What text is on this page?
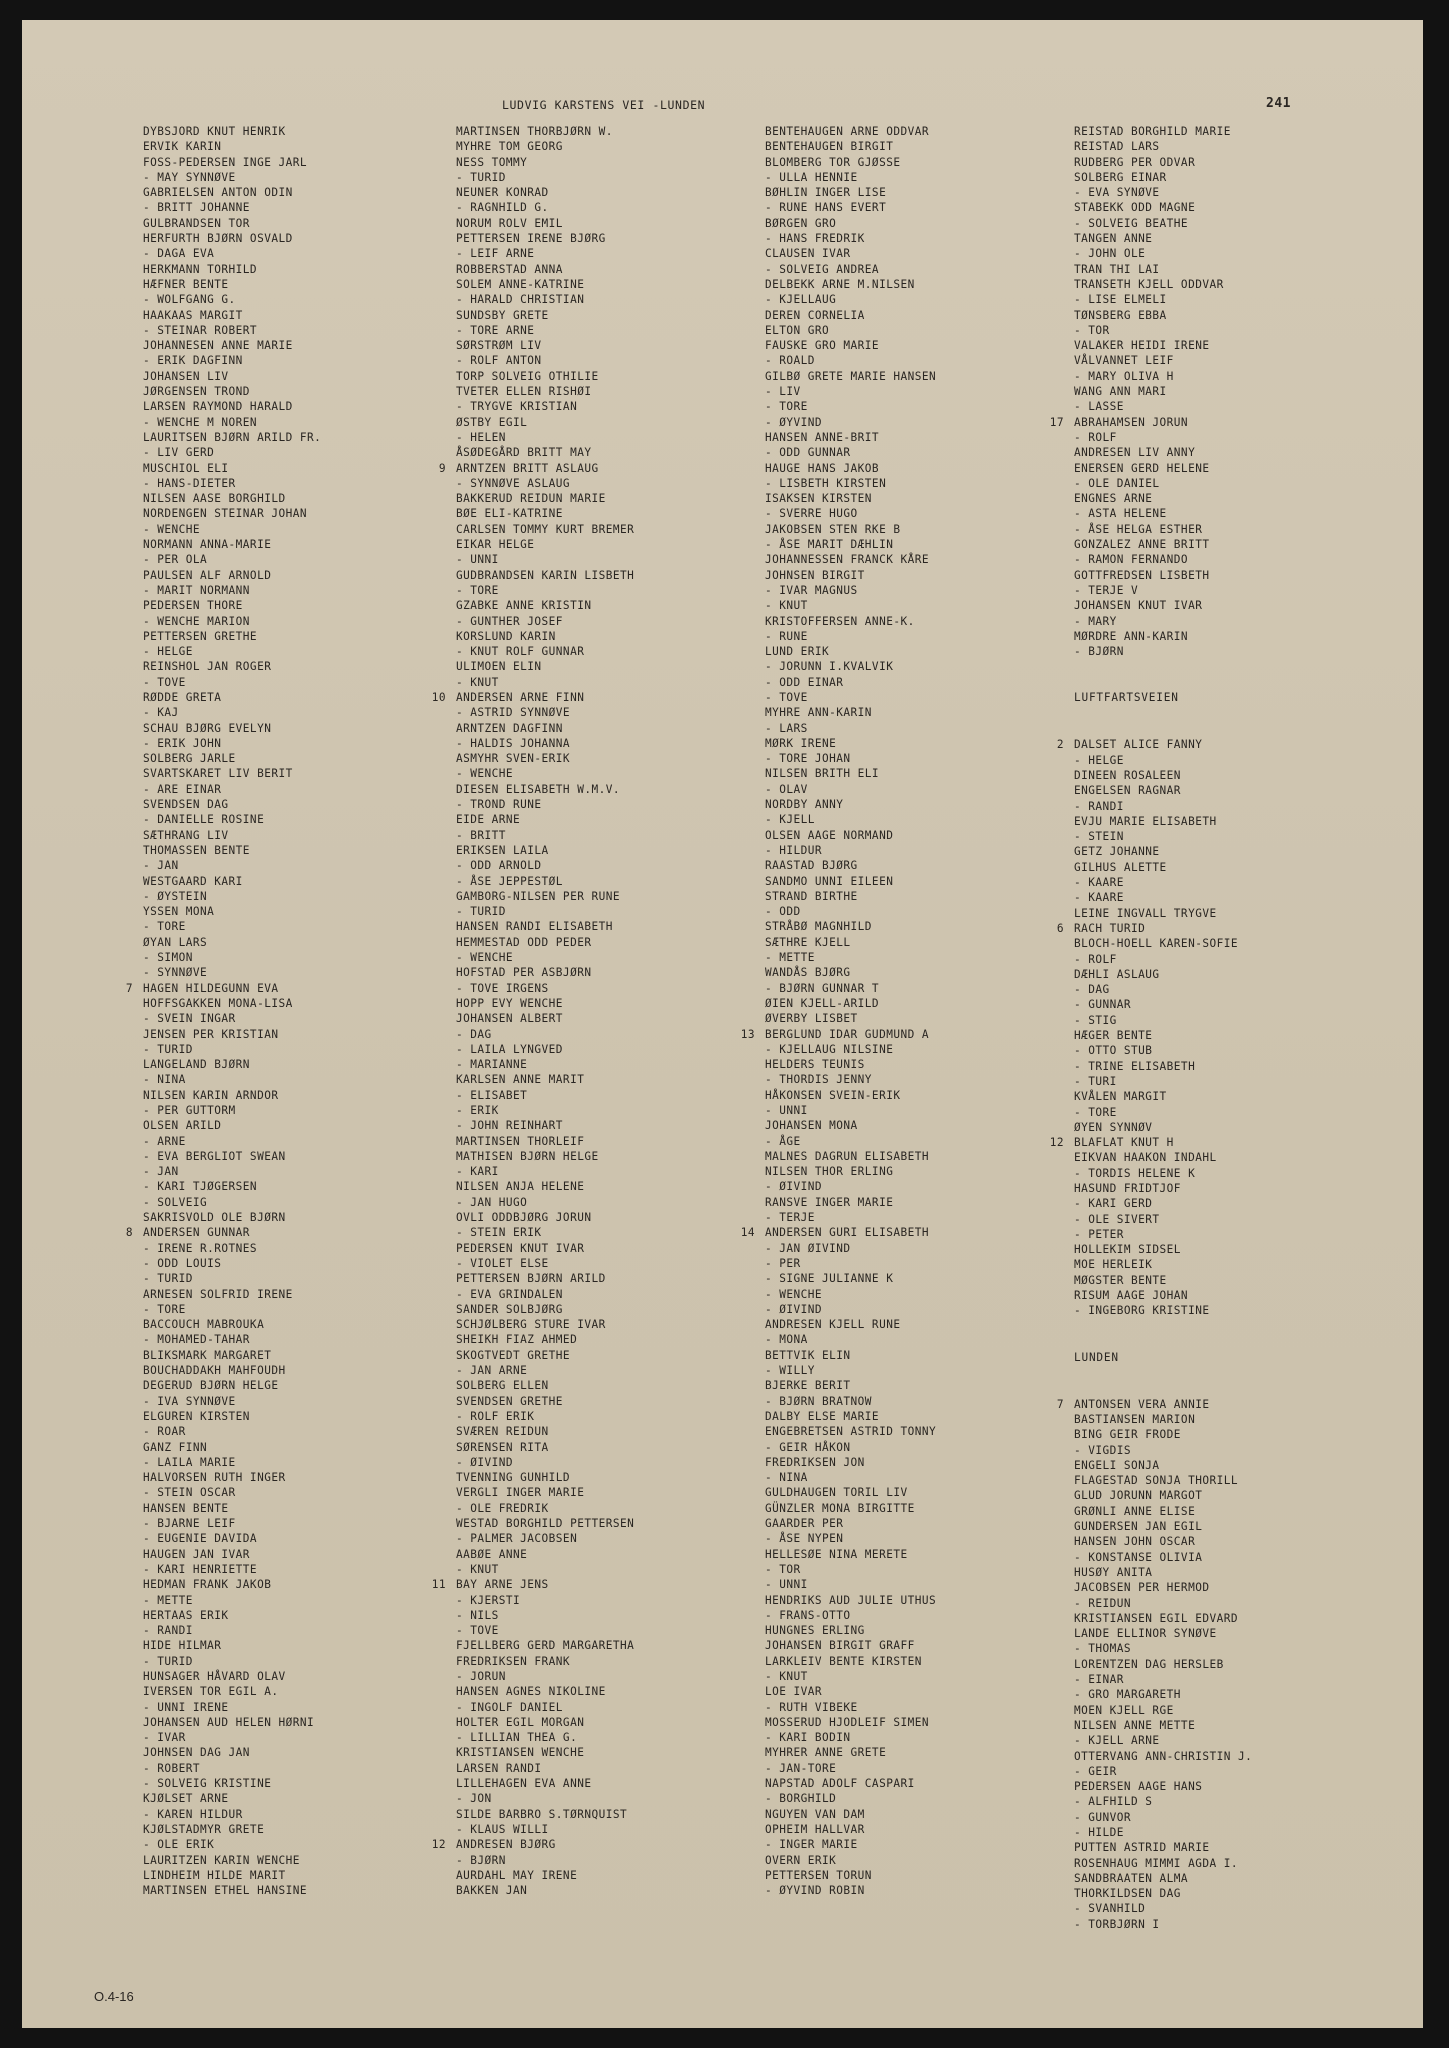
LUDVIG KARSTENS VEI -LUNDEN	241
DYBSJORD KNUT HENRIK
ERVIK KARIN
FOSS-PEDERSEN INGE JARL
- MAY SYNNØVE
GABRIELSEN ANTON ODIN
- BRITT JOHANNE
GULBRANDSEN TOR
HERFURTH BJØRN OSVALD
- DAGA EVA
HERKMANN TORHILD
HÆFNER BENTE
- WOLFGANG G.
HAAKAAS MARGIT
- STEINAR ROBERT
JOHANNESEN ANNE MARIE
- ERIK DAGFINN
JOHANSEN LIV
JØRGENSEN TROND
LARSEN RAYMOND HARALD
- WENCHE M NOREN
LAURITSEN BJØRN ARILD FR.
- LIV GERD
MUSCHIOL ELI
- HANS-DIETER
NILSEN AASE BORGHILD
NORDENGEN STEINAR JOHAN
- WENCHE
NORMANN ANNA-MARIE
- PER OLA
PAULSEN ALF ARNOLD
- MARIT NORMANN
PEDERSEN THORE
- WENCHE MARION
PETTERSEN GRETHE
- HELGE
REINSHOL JAN ROGER
- TOVE
RØDDE GRETA
- KAJ
SCHAU BJØRG EVELYN
- ERIK JOHN
SOLBERG JARLE
SVARTSKARET LIV BERIT
- ARE EINAR
SVENDSEN DAG
- DANIELLE ROSINE
SÆTHRANG LIV
THOMASSEN BENTE
- JAN
WESTGAARD KARI
- ØYSTEIN
YSSEN MONA
- TORE
ØYAN LARS
- SIMON
- SYNNØVE
7 HAGEN HILDEGUNN EVA
HOFFSGAKKEN MONA-LISA
- SVEIN INGAR
JENSEN PER KRISTIAN
- TURID
LANGELAND BJØRN
- NINA
NILSEN KARIN ARNDOR
- PER GUTTORM
OLSEN ARILD
- ARNE
- EVA BERGLIOT SWEAN
- JAN
- KARI TJØGERSEN
- SOLVEIG
SAKRISVOLD OLE BJØRN
8 ANDERSEN GUNNAR
- IRENE R.ROTNES
- ODD LOUIS
- TURID
ARNESEN SOLFRID IRENE
- TORE
BACCOUCH MABROUKA
- MOHAMED-TAHAR
BLIKSMARK MARGARET
BOUCHADDAKH MAHFOUDH
DEGERUD BJØRN HELGE
- IVA SYNNØVE
ELGUREN KIRSTEN
- ROAR
GANZ FINN
- LAILA MARIE
HALVORSEN RUTH INGER
- STEIN OSCAR
HANSEN BENTE
- BJARNE LEIF
- EUGENIE DAVIDA
HAUGEN JAN IVAR
- KARI HENRIETTE
HEDMAN FRANK JAKOB
- METTE
HERTAAS ERIK
- RANDI
HIDE HILMAR
- TURID
HUNSAGER HÅVARD OLAV
IVERSEN TOR EGIL A.
- UNNI IRENE
JOHANSEN AUD HELEN HØRNI
- IVAR
JOHNSEN DAG JAN
- ROBERT
- SOLVEIG KRISTINE
KJØLSET ARNE
- KAREN HILDUR
KJØLSTADMYR GRETE
- OLE ERIK
LAURITZEN KARIN WENCHE
LINDHEIM HILDE MARIT
MARTINSEN ETHEL HANSINE
MARTINSEN THORBJØRN W.
MYHRE TOM GEORG
NESS TOMMY
- TURID
NEUNER KONRAD
- RAGNHILD G.
NORUM ROLV EMIL
PETTERSEN IRENE BJØRG
- LEIF ARNE
ROBBERSTAD ANNA
SOLEM ANNE-KATRINE
- HARALD CHRISTIAN
SUNDSBY GRETE
- TORE ARNE
SØRSTRØM LIV
- ROLF ANTON
TORP SOLVEIG OTHILIE
TVETER ELLEN RISHØI
- TRYGVE KRISTIAN
ØSTBY EGIL
- HELEN
ÅSØDEGÅRD BRITT MAY
9 ARNTZEN BRITT ASLAUG
- SYNNØVE ASLAUG
BAKKERUD REIDUN MARIE
BØE ELI-KATRINE
CARLSEN TOMMY KURT BREMER
EIKAR HELGE
- UNNI
GUDBRANDSEN KARIN LISBETH
- TORE
GZABKE ANNE KRISTIN
- GUNTHER JOSEF
KORSLUND KARIN
- KNUT ROLF GUNNAR
ULIMOEN ELIN
- KNUT
10 ANDERSEN ARNE FINN
- ASTRID SYNNØVE
ARNTZEN DAGFINN
- HALDIS JOHANNA
ASMYHR SVEN-ERIK
- WENCHE
DIESEN ELISABETH W.M.V.
- TROND RUNE
EIDE ARNE
- BRITT
ERIKSEN LAILA
- ODD ARNOLD
- ÅSE JEPPESTØL
GAMBORG-NILSEN PER RUNE
- TURID
HANSEN RANDI ELISABETH
HEMMESTAD ODD PEDER
- WENCHE
HOFSTAD PER ASBJØRN
- TOVE IRGENS
HOPP EVY WENCHE
JOHANSEN ALBERT
- DAG
- LAILA LYNGVED
- MARIANNE
KARLSEN ANNE MARIT
- ELISABET
- ERIK
- JOHN REINHART
MARTINSEN THORLEIF
MATHISEN BJØRN HELGE
- KARI
NILSEN ANJA HELENE
- JAN HUGO
OVLI ODDBJØRG JORUN
- STEIN ERIK
PEDERSEN KNUT IVAR
- VIOLET ELSE
PETTERSEN BJØRN ARILD
- EVA GRINDALEN
SANDER SOLBJØRG
SCHJØLBERG STURE IVAR
SHEIKH FIAZ AHMED
SKOGTVEDT GRETHE
- JAN ARNE
SOLBERG ELLEN
SVENDSEN GRETHE
- ROLF ERIK
SVÆREN REIDUN
SØRENSEN RITA
- ØIVIND
TVENNING GUNHILD
VERGLI INGER MARIE
- OLE FREDRIK
WESTAD BORGHILD PETTERSEN
- PALMER JACOBSEN
AABØE ANNE
- KNUT
11 BAY ARNE JENS
- KJERSTI
- NILS
- TOVE
FJELLBERG GERD MARGARETHA
FREDRIKSEN FRANK
- JORUN
HANSEN AGNES NIKOLINE
- INGOLF DANIEL
HOLTER EGIL MORGAN
- LILLIAN THEA G.
KRISTIANSEN WENCHE
LARSEN RANDI
LILLEHAGEN EVA ANNE
- JON
SILDE BARBRO S.TØRNQUIST
- KLAUS WILLI
12 ANDRESEN BJØRG
- BJØRN
AURDAHL MAY IRENE
BAKKEN JAN
BENTEHAUGEN ARNE ODDVAR
BENTEHAUGEN BIRGIT
BLOMBERG TOR GJØSSE
- ULLA HENNIE
BØHLIN INGER LISE
- RUNE HANS EVERT
BØRGEN GRO
- HANS FREDRIK
CLAUSEN IVAR
- SOLVEIG ANDREA
DELBEKK ARNE M.NILSEN
- KJELLAUG
DEREN CORNELIA
ELTON GRO
FAUSKE GRO MARIE
- ROALD
GILBØ GRETE MARIE HANSEN
- LIV
- TORE
- ØYVIND
HANSEN ANNE-BRIT
- ODD GUNNAR
HAUGE HANS JAKOB
- LISBETH KIRSTEN
ISAKSEN KIRSTEN
- SVERRE HUGO
JAKOBSEN STEN RKE B
- ÅSE MARIT DÆHLIN
JOHANNESSEN FRANCK KÅRE
JOHNSEN BIRGIT
- IVAR MAGNUS
- KNUT
KRISTOFFERSEN ANNE-K.
- RUNE
LUND ERIK
- JORUNN I.KVALVIK
- ODD EINAR
- TOVE
MYHRE ANN-KARIN
- LARS
MØRK IRENE
- TORE JOHAN
NILSEN BRITH ELI
- OLAV
NORDBY ANNY
- KJELL
OLSEN AAGE NORMAND
- HILDUR
RAASTAD BJØRG
SANDMO UNNI EILEEN
STRAND BIRTHE
- ODD
STRÅBØ MAGNHILD
SÆTHRE KJELL
- METTE
WANDÅS BJØRG
- BJØRN GUNNAR T
ØIEN KJELL-ARILD
ØVERBY LISBET
13 BERGLUND IDAR GUDMUND A
- KJELLAUG NILSINE
HELDERS TEUNIS
- THORDIS JENNY
HÅKONSEN SVEIN-ERIK
- UNNI
JOHANSEN MONA
- ÅGE
MALNES DAGRUN ELISABETH
NILSEN THOR ERLING
- ØIVIND
RANSVE INGER MARIE
- TERJE
14 ANDERSEN GURI ELISABETH
- JAN ØIVIND
- PER
- SIGNE JULIANNE K
- WENCHE
- ØIVIND
ANDRESEN KJELL RUNE
- MONA
BETTVIK ELIN
- WILLY
BJERKE BERIT
- BJØRN BRATNOW
DALBY ELSE MARIE
ENGEBRETSEN ASTRID TONNY
- GEIR HÅKON
FREDRIKSEN JON
- NINA
GULDHAUGEN TORIL LIV
GÜNZLER MONA BIRGITTE
GAARDER PER
- ÅSE NYPEN
HELLESØE NINA MERETE
- TOR
- UNNI
HENDRIKS AUD JULIE UTHUS
- FRANS-OTTO
HUNGNES ERLING
JOHANSEN BIRGIT GRAFF
LARKLEIV BENTE KIRSTEN
- KNUT
LOE IVAR
- RUTH VIBEKE
MOSSERUD HJODLEIF SIMEN
- KARI BODIN
MYHRER ANNE GRETE
- JAN-TORE
NAPSTAD ADOLF CASPARI
- BORGHILD
NGUYEN VAN DAM
OPHEIM HALLVAR
- INGER MARIE
OVERN ERIK
PETTERSEN TORUN
- ØYVIND ROBIN
REISTAD BORGHILD MARIE
REISTAD LARS
RUDBERG PER ODVAR
SOLBERG EINAR
- EVA SYNØVE
STABEKK ODD MAGNE
- SOLVEIG BEATHE
TANGEN ANNE
- JOHN OLE
TRAN THI LAI
TRANSETH KJELL ODDVAR
- LISE ELMELI
TØNSBERG EBBA
- TOR
VALAKER HEIDI IRENE
VÅLVANNET LEIF
- MARY OLIVA H
WANG ANN MARI
- LASSE
17 ABRAHAMSEN JORUN
- ROLF
ANDRESEN LIV ANNY
ENERSEN GERD HELENE
- OLE DANIEL
ENGNES ARNE
- ASTA HELENE
- ÅSE HELGA ESTHER
GONZALEZ ANNE BRITT
- RAMON FERNANDO
GOTTFREDSEN LISBETH
- TERJE V
JOHANSEN KNUT IVAR
- MARY
MØRDRE ANN-KARIN
- BJØRN
LUFTFARTSVEIEN
2 DALSET ALICE FANNY
- HELGE
DINEEN ROSALEEN
ENGELSEN RAGNAR
- RANDI
EVJU MARIE ELISABETH
- STEIN
GETZ JOHANNE
GILHUS ALETTE
- KAARE
- KAARE
LEINE INGVALL TRYGVE
6 RACH TURID
BLOCH-HOELL KAREN-SOFIE
- ROLF
DÆHLI ASLAUG
- DAG
- GUNNAR
- STIG
HÆGER BENTE
- OTTO STUB
- TRINE ELISABETH
- TURI
KVÅLEN MARGIT
- TORE
ØYEN SYNNØV
12 BLAFLAT KNUT H
EIKVAN HAAKON INDAHL
- TORDIS HELENE K
HASUND FRIDTJOF
- KARI GERD
- OLE SIVERT
- PETER
HOLLEKIM SIDSEL
MOE HERLEIK
MØGSTER BENTE
RISUM AAGE JOHAN
- INGEBORG KRISTINE
LUNDEN
7 ANTONSEN VERA ANNIE
BASTIANSEN MARION
BING GEIR FRODE
- VIGDIS
ENGELI SONJA
FLAGESTAD SONJA THORILL
GLUD JORUNN MARGOT
GRØNLI ANNE ELISE
GUNDERSEN JAN EGIL
HANSEN JOHN OSCAR
- KONSTANSE OLIVIA
HUSØY ANITA
JACOBSEN PER HERMOD
- REIDUN
KRISTIANSEN EGIL EDVARD
LANDE ELLINOR SYNØVE
- THOMAS
LORENTZEN DAG HERSLEB
- EINAR
- GRO MARGARETH
MOEN KJELL RGE
NILSEN ANNE METTE
- KJELL ARNE
OTTERVANG ANN-CHRISTIN J.
- GEIR
PEDERSEN AAGE HANS
- ALFHILD S
- GUNVOR
- HILDE
PUTTEN ASTRID MARIE
ROSENHAUG MIMMI AGDA I.
SANDBRAATEN ALMA
THORKILDSEN DAG
- SVANHILD
- TORBJØRN I
O.4-16
